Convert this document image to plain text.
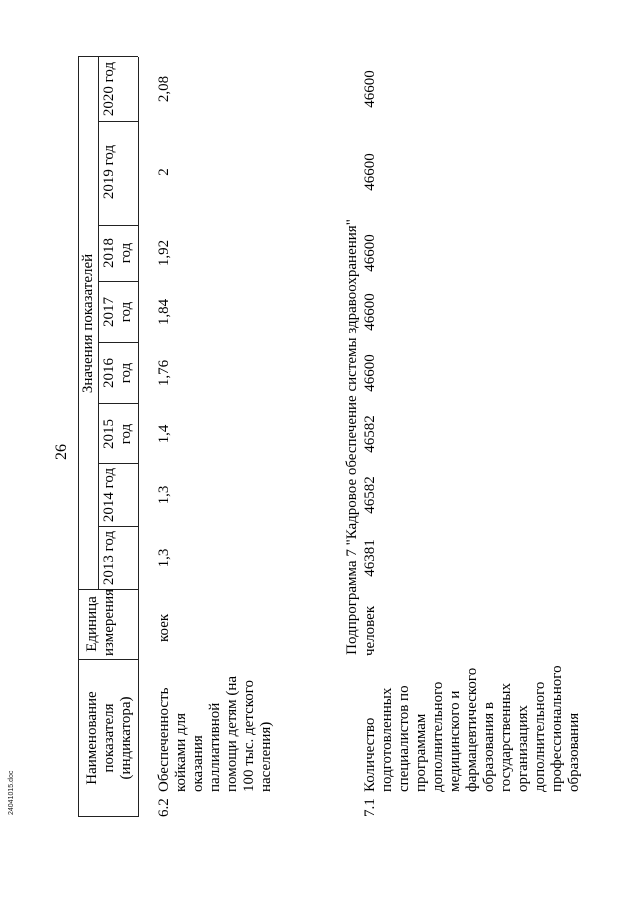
26
Наименование показателя (индикатора)
Единица измерения
Значения показателей
2013 год
2014 год
2015 год
2016 год
2017 год
2018 год
2019 год
2020 год
6.2
Обеспеченность койками для оказания паллиативной помощи детям (на 100 тыс. детского населения)
коек
1,3
1,3
1,4
1,76
1,84
1,92
2
2,08
Подпрограмма 7 "Кадровое обеспечение системы здравоохранения"
7.1
Количество подготовленных специалистов по программам дополнительного медицинского и фармацевтического образования в государственных организациях дополнительного профессионального образования
человек
46381
46582
46582
46600
46600
46600
46600
46600
24041015.doc
